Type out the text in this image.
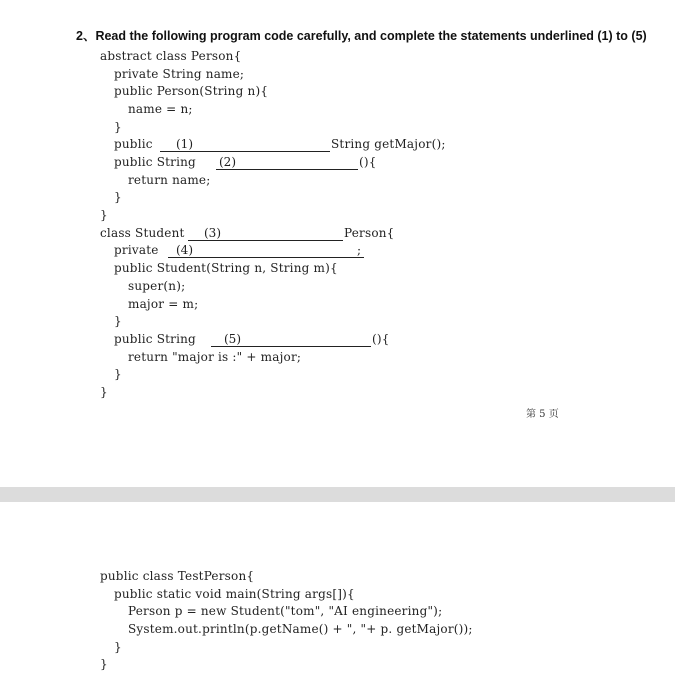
2、Read the following program code carefully, and complete the statements underlined (1) to (5)
abstract class Person{
private String name;
public Person(String n){
name = n;
}
public (1)	String getMajor();
public String (2)	(){
return name;
}
}
class Student (3)	Person{
private (4)	;
public Student(String n, String m){
super(n);
major = m;
}
public String (5)	(){
return "major is :" + major;
}
}
第 5 页
public class TestPerson{
public static void main(String args[]){
Person p = new Student("tom", "AI engineering");
System.out.println(p.getName() + ", "+ p. getMajor());
}
}
